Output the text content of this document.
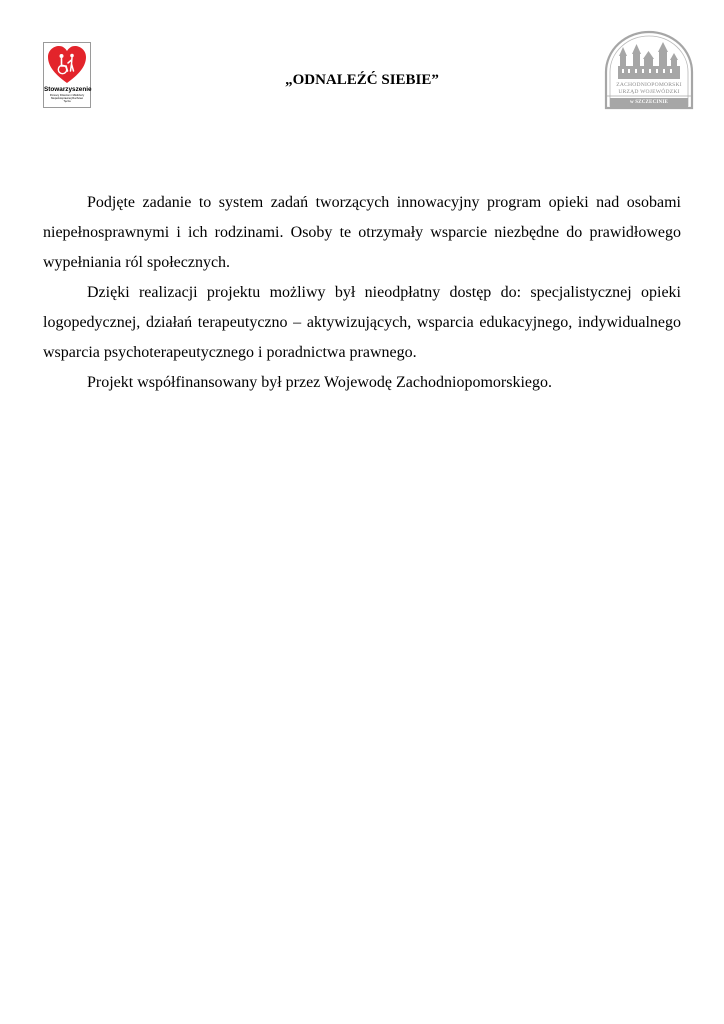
Stowarzyszenie
Pomocy Dzieciom i Młodzieży
Niepełnosprawnej Ruchowo
Tęcza
„ODNALEŹĆ SIEBIE”	ZACHODNIOPOMORSKI
URZĄD WOJEWÓDZKI
w SZCZECINIE

Podjęte zadanie to system zadań tworzących innowacyjny program opieki nad osobami niepełnosprawnymi i ich rodzinami. Osoby te otrzymały wsparcie niezbędne do prawidłowego wypełniania ról społecznych.

Dzięki realizacji projektu możliwy był nieodpłatny dostęp do: specjalistycznej opieki logopedycznej, działań terapeutyczno – aktywizujących, wsparcia edukacyjnego, indywidualnego wsparcia psychoterapeutycznego i poradnictwa prawnego.

Projekt współfinansowany był przez Wojewodę Zachodniopomorskiego.
